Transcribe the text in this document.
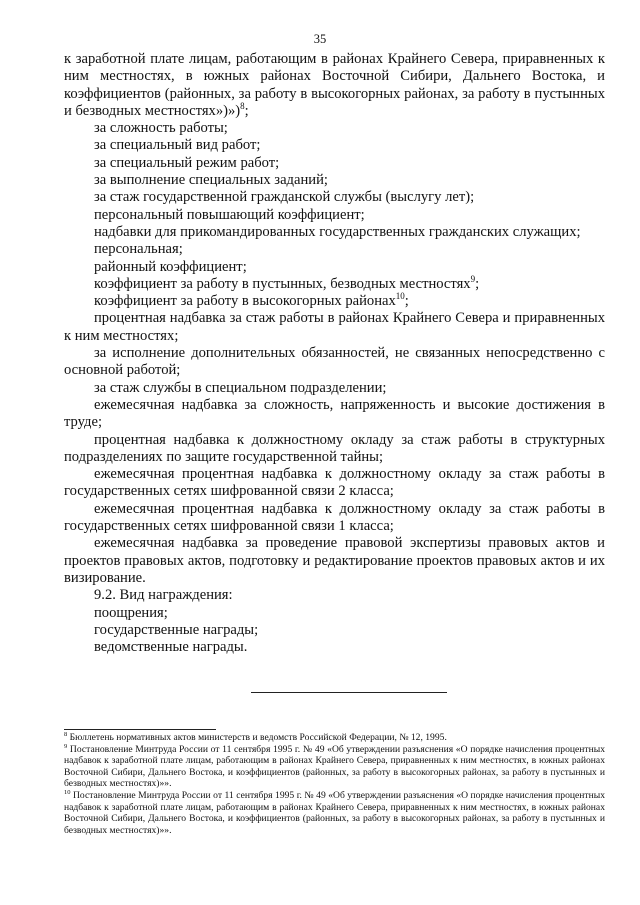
35

к заработной плате лицам, работающим в районах Крайнего Севера, приравненных к ним местностях, в южных районах Восточной Сибири, Дальнего Востока, и коэффициентов (районных, за работу в высокогорных районах, за работу в пустынных и безводных местностях»)»)$^8$;

за сложность работы;

за специальный вид работ;

за специальный режим работ;

за выполнение специальных заданий;

за стаж государственной гражданской службы (выслугу лет);

персональный повышающий коэффициент;

надбавки для прикомандированных государственных гражданских служащих;

персональная;

районный коэффициент;

коэффициент за работу в пустынных, безводных местностях$^9$;

коэффициент за работу в высокогорных районах$^{10}$;

процентная надбавка за стаж работы в районах Крайнего Севера и приравненных к ним местностях;

за исполнение дополнительных обязанностей, не связанных непосредственно с основной работой;

за стаж службы в специальном подразделении;

ежемесячная надбавка за сложность, напряженность и высокие достижения в труде;

процентная надбавка к должностному окладу за стаж работы в структурных подразделениях по защите государственной тайны;

ежемесячная процентная надбавка к должностному окладу за стаж работы в государственных сетях шифрованной связи 2 класса;

ежемесячная процентная надбавка к должностному окладу за стаж работы в государственных сетях шифрованной связи 1 класса;

ежемесячная надбавка за проведение правовой экспертизы правовых актов и проектов правовых актов, подготовку и редактирование проектов правовых актов и их визирование.

9.2. Вид награждения:

поощрения;

государственные награды;

ведомственные награды.

$^8$ Бюллетень нормативных актов министерств и ведомств Российской Федерации, № 12, 1995.

$^9$ Постановление Минтруда России от 11 сентября 1995 г. № 49 «Об утверждении разъяснения «О порядке начисления процентных надбавок к заработной плате лицам, работающим в районах Крайнего Севера, приравненных к ним местностях, в южных районах Восточной Сибири, Дальнего Востока, и коэффициентов (районных, за работу в высокогорных районах, за работу в пустынных и безводных местностях)»».

$^{10}$ Постановление Минтруда России от 11 сентября 1995 г. № 49 «Об утверждении разъяснения «О порядке начисления процентных надбавок к заработной плате лицам, работающим в районах Крайнего Севера, приравненных к ним местностях, в южных районах Восточной Сибири, Дальнего Востока, и коэффициентов (районных, за работу в высокогорных районах, за работу в пустынных и безводных местностях)»».
